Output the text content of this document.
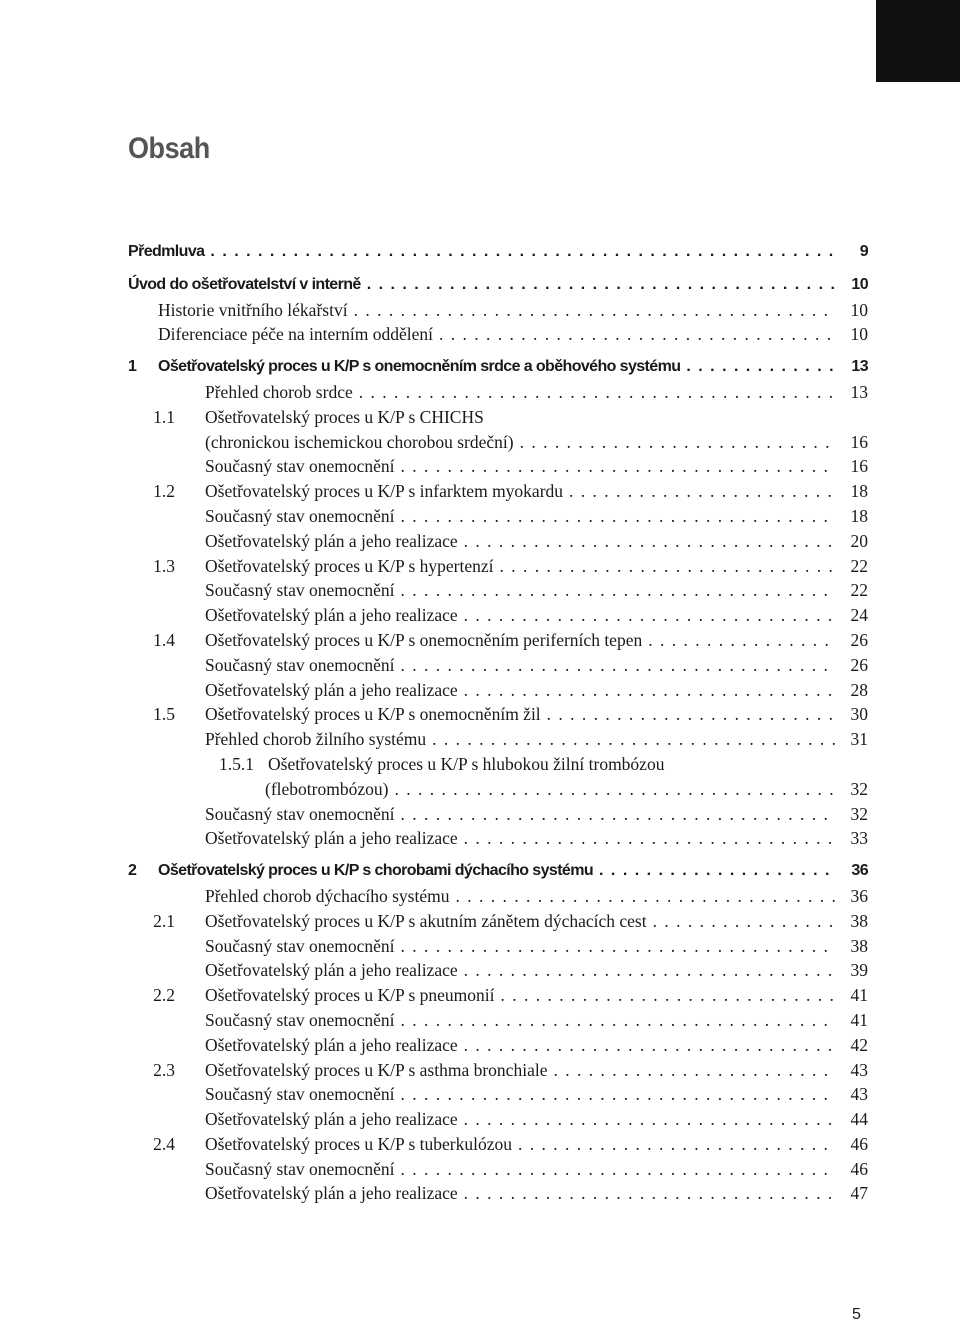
Obsah
Předmluva . . .	9
Úvod do ošetřovatelství v interně . . .	10
Historie vnitřního lékařství . . .	10
Diferenciace péče na interním oddělení . . .	10
1	Ošetřovatelský proces u K/P s onemocněním srdce a oběhového systému . . .	13
Přehled chorob srdce . . .	13
1.1 Ošetřovatelský proces u K/P s CHICHS
(chronickou ischemickou chorobou srdeční) . . .	16
Současný stav onemocnění . . .	16
1.2 Ošetřovatelský proces u K/P s infarktem myokardu . . .	18
Současný stav onemocnění . . .	18
Ošetřovatelský plán a jeho realizace . . .	20
1.3 Ošetřovatelský proces u K/P s hypertenzí . . .	22
Současný stav onemocnění . . .	22
Ošetřovatelský plán a jeho realizace . . .	24
1.4 Ošetřovatelský proces u K/P s onemocněním periferních tepen . . .	26
Současný stav onemocnění . . .	26
Ošetřovatelský plán a jeho realizace . . .	28
1.5 Ošetřovatelský proces u K/P s onemocněním žil . . .	30
Přehled chorob žilního systému . . .	31
1.5.1 Ošetřovatelský proces u K/P s hlubokou žilní trombózou
(flebotrombózou) . . .	32
Současný stav onemocnění . . .	32
Ošetřovatelský plán a jeho realizace . . .	33
2	Ošetřovatelský proces u K/P s chorobami dýchacího systému . . .	36
Přehled chorob dýchacího systému . . .	36
2.1 Ošetřovatelský proces u K/P s akutním zánětem dýchacích cest . . .	38
Současný stav onemocnění . . .	38
Ošetřovatelský plán a jeho realizace . . .	39
2.2 Ošetřovatelský proces u K/P s pneumonií . . .	41
Současný stav onemocnění . . .	41
Ošetřovatelský plán a jeho realizace . . .	42
2.3 Ošetřovatelský proces u K/P s asthma bronchiale . . .	43
Současný stav onemocnění . . .	43
Ošetřovatelský plán a jeho realizace . . .	44
2.4 Ošetřovatelský proces u K/P s tuberkulózou . . .	46
Současný stav onemocnění . . .	46
Ošetřovatelský plán a jeho realizace . . .	47
5
